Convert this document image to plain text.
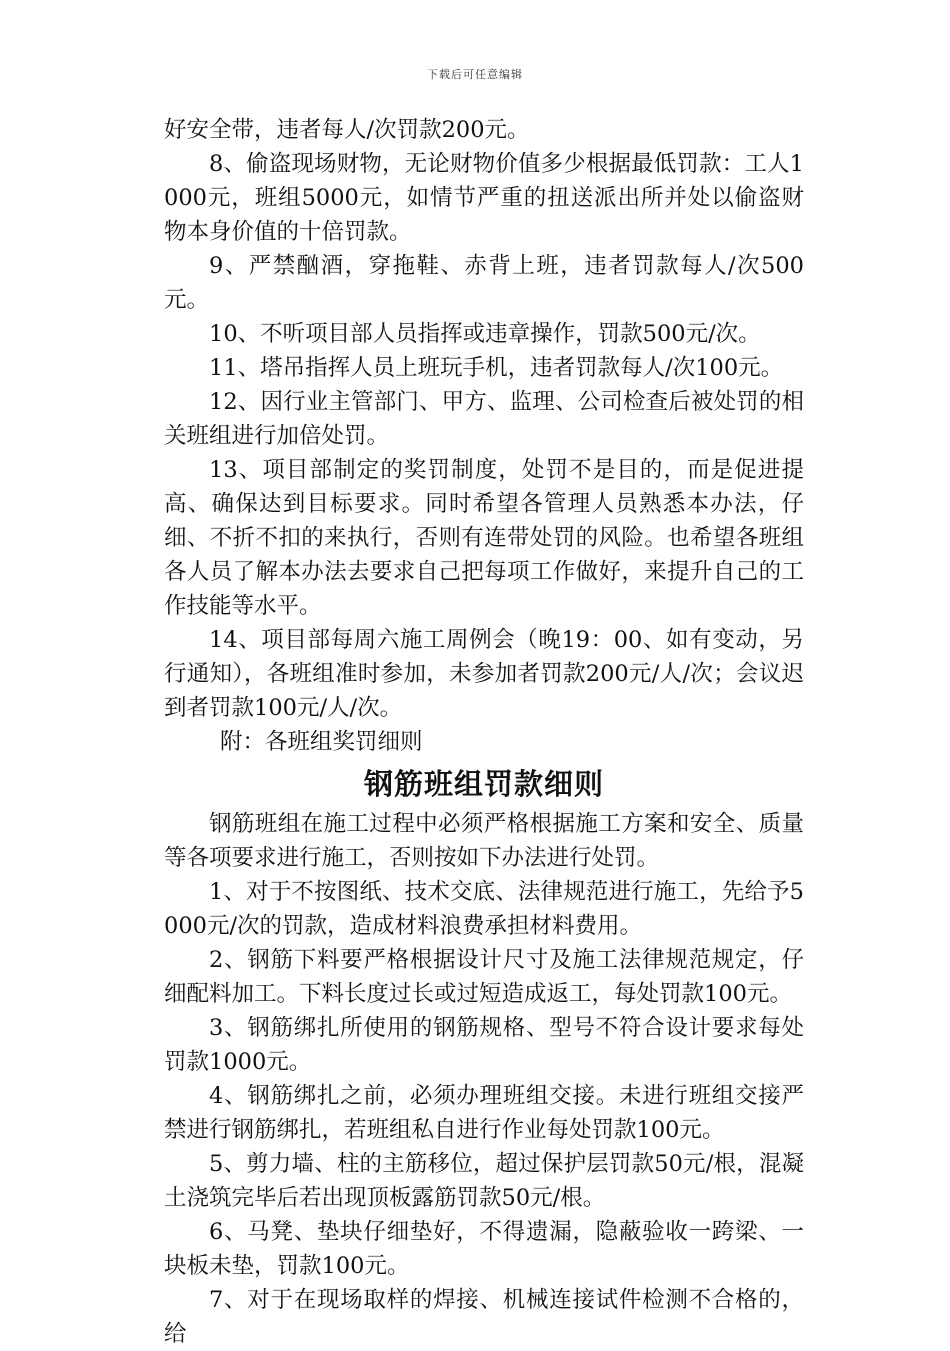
下载后可任意编辑

好安全带，违者每人/次罚款200元。

8、偷盗现场财物，无论财物价值多少根据最低罚款：工人1000元，班组5000元，如情节严重的扭送派出所并处以偷盗财物本身价值的十倍罚款。

9、严禁酗酒，穿拖鞋、赤背上班，违者罚款每人/次500元。

10、不听项目部人员指挥或违章操作，罚款500元/次。

11、塔吊指挥人员上班玩手机，违者罚款每人/次100元。

12、因行业主管部门、甲方、监理、公司检查后被处罚的相关班组进行加倍处罚。

13、项目部制定的奖罚制度，处罚不是目的，而是促进提高、确保达到目标要求。同时希望各管理人员熟悉本办法，仔细、不折不扣的来执行，否则有连带处罚的风险。也希望各班组各人员了解本办法去要求自己把每项工作做好，来提升自己的工作技能等水平。

14、项目部每周六施工周例会（晚19：00、如有变动，另行通知），各班组准时参加，未参加者罚款200元/人/次；会议迟到者罚款100元/人/次。

附：各班组奖罚细则

钢筋班组罚款细则

钢筋班组在施工过程中必须严格根据施工方案和安全、质量等各项要求进行施工，否则按如下办法进行处罚。

1、对于不按图纸、技术交底、法律规范进行施工，先给予5000元/次的罚款，造成材料浪费承担材料费用。

2、钢筋下料要严格根据设计尺寸及施工法律规范规定，仔细配料加工。下料长度过长或过短造成返工，每处罚款100元。

3、钢筋绑扎所使用的钢筋规格、型号不符合设计要求每处罚款1000元。

4、钢筋绑扎之前，必须办理班组交接。未进行班组交接严禁进行钢筋绑扎，若班组私自进行作业每处罚款100元。

5、剪力墙、柱的主筋移位，超过保护层罚款50元/根，混凝土浇筑完毕后若出现顶板露筋罚款50元/根。

6、马凳、垫块仔细垫好，不得遗漏，隐蔽验收一跨梁、一块板未垫，罚款100元。

7、对于在现场取样的焊接、机械连接试件检测不合格的，给
